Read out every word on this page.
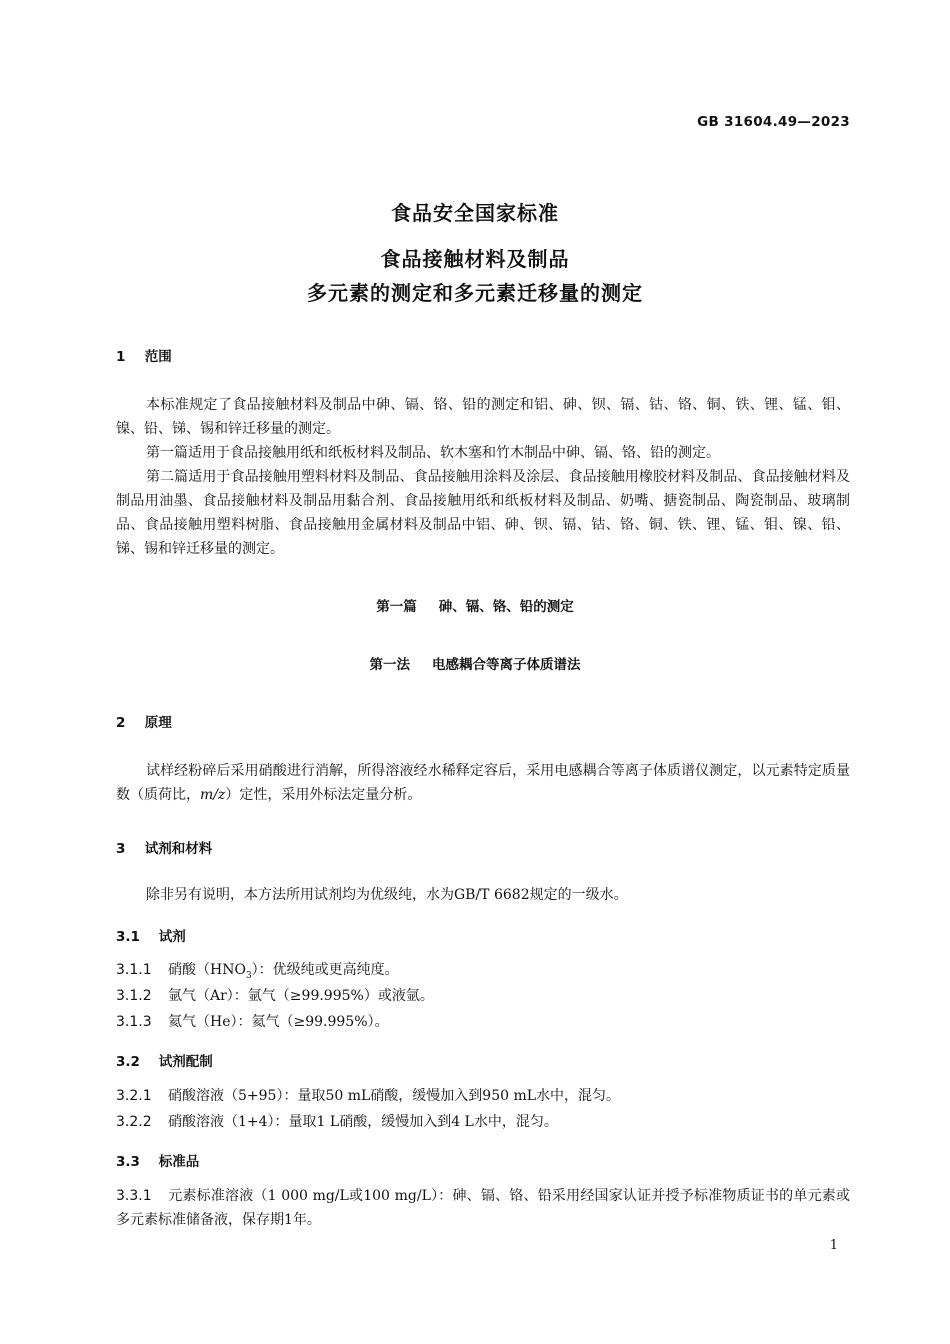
GB 31604.49—2023
食品安全国家标准
食品接触材料及制品
多元素的测定和多元素迁移量的测定
1 范围
本标准规定了食品接触材料及制品中砷、镉、铬、铅的测定和铝、砷、钡、镉、钴、铬、铜、铁、锂、锰、钼、镍、铅、锑、锡和锌迁移量的测定。
第一篇适用于食品接触用纸和纸板材料及制品、软木塞和竹木制品中砷、镉、铬、铅的测定。
第二篇适用于食品接触用塑料材料及制品、食品接触用涂料及涂层、食品接触用橡胶材料及制品、食品接触材料及制品用油墨、食品接触材料及制品用黏合剂、食品接触用纸和纸板材料及制品、奶嘴、搪瓷制品、陶瓷制品、玻璃制品、食品接触用塑料树脂、食品接触用金属材料及制品中铝、砷、钡、镉、钴、铬、铜、铁、锂、锰、钼、镍、铅、锑、锡和锌迁移量的测定。
第一篇 砷、镉、铬、铅的测定
第一法 电感耦合等离子体质谱法
2 原理
试样经粉碎后采用硝酸进行消解，所得溶液经水稀释定容后，采用电感耦合等离子体质谱仪测定，以元素特定质量数（质荷比，m/z）定性，采用外标法定量分析。
3 试剂和材料
除非另有说明，本方法所用试剂均为优级纯，水为GB/T 6682规定的一级水。
3.1 试剂
3.1.1 硝酸$(HNO_3)$：优级纯或更高纯度。
3.1.2 氩气（Ar）：氩气（≥99.995%）或液氩。
3.1.3 氦气（He）：氦气（≥99.995%）。
3.2 试剂配制
3.2.1 硝酸溶液（5+95）：量取50 mL硝酸，缓慢加入到950 mL水中，混匀。
3.2.2 硝酸溶液（1+4）：量取1 L硝酸，缓慢加入到4 L水中，混匀。
3.3 标准品
3.3.1 元素标准溶液（1 000 mg/L或100 mg/L）：砷、镉、铬、铅采用经国家认证并授予标准物质证书的单元素或多元素标准储备液，保存期1年。
1
